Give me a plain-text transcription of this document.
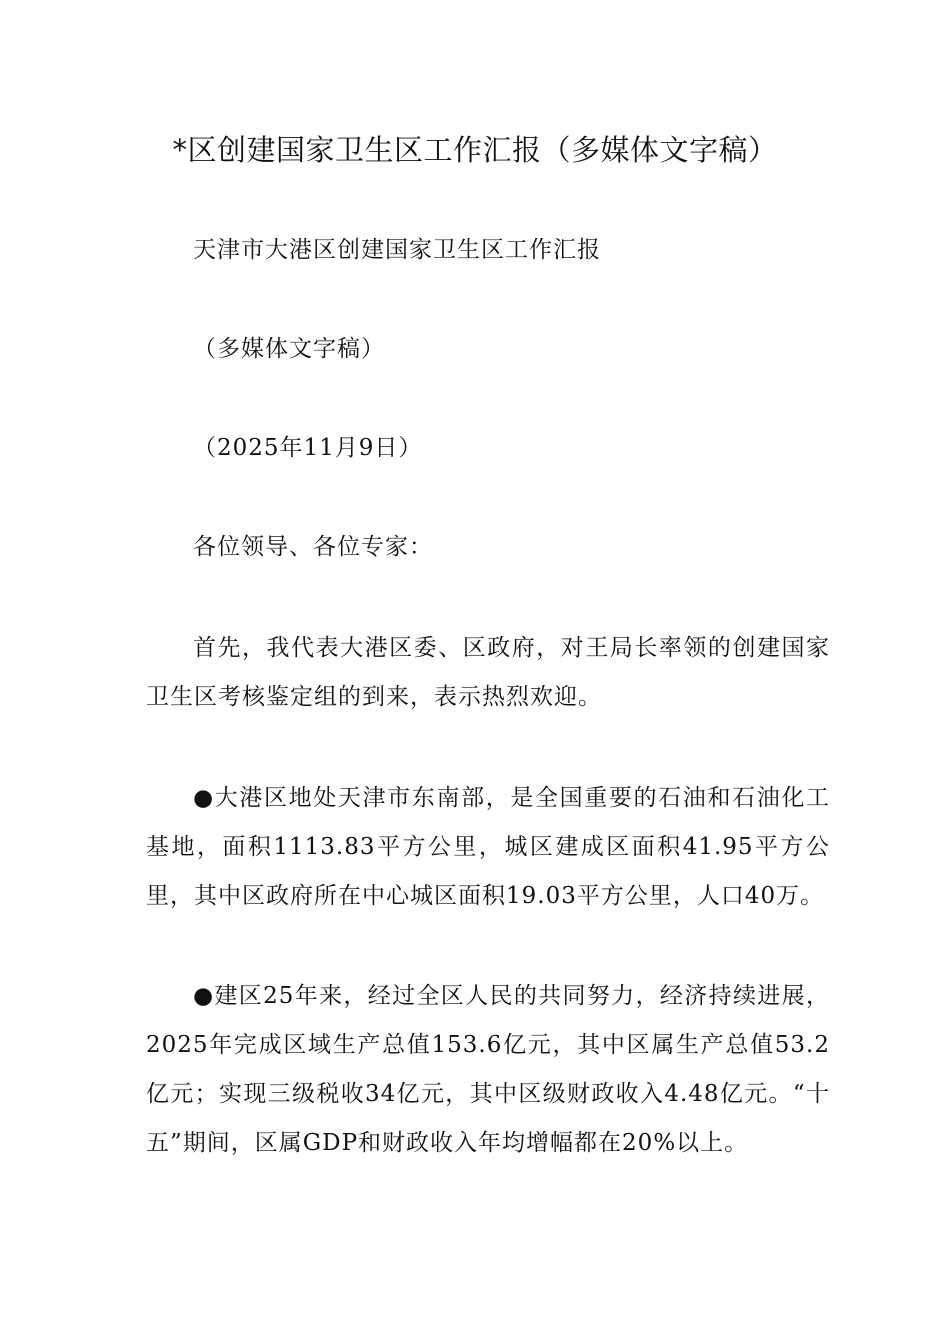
*区创建国家卫生区工作汇报（多媒体文字稿）
天津市大港区创建国家卫生区工作汇报
（多媒体文字稿）
（2025年11月9日）
各位领导、各位专家：

首先，我代表大港区委、区政府，对王局长率领的创建国家卫生区考核鉴定组的到来，表示热烈欢迎。

●大港区地处天津市东南部，是全国重要的石油和石油化工基地，面积1113.83平方公里，城区建成区面积41.95平方公里，其中区政府所在中心城区面积19.03平方公里，人口40万。

●建区25年来，经过全区人民的共同努力，经济持续进展，2025年完成区域生产总值153.6亿元，其中区属生产总值53.2亿元；实现三级税收34亿元，其中区级财政收入4.48亿元。“十五”期间，区属GDP和财政收入年均增幅都在20%以上。
